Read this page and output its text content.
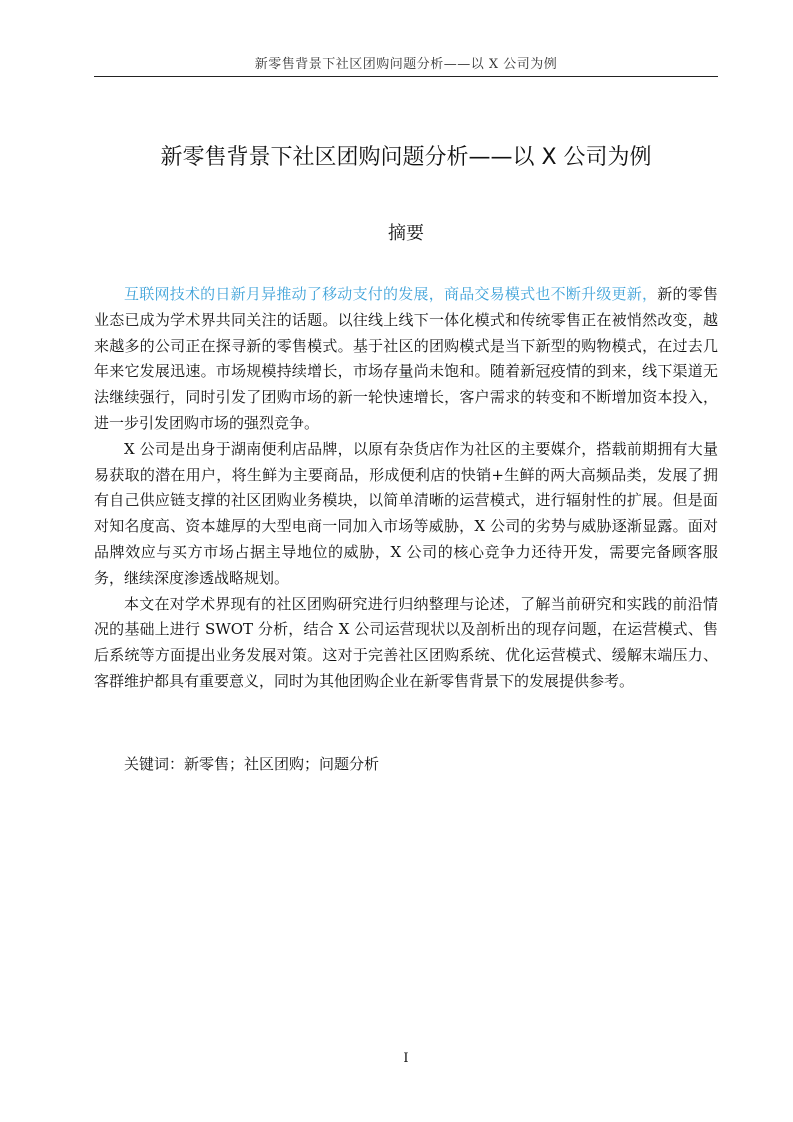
新零售背景下社区团购问题分析——以 X 公司为例
新零售背景下社区团购问题分析——以 X 公司为例
摘要

互联网技术的日新月异推动了移动支付的发展，商品交易模式也不断升级更新，新的零售业态已成为学术界共同关注的话题。以往线上线下一体化模式和传统零售正在被悄然改变，越来越多的公司正在探寻新的零售模式。基于社区的团购模式是当下新型的购物模式，在过去几年来它发展迅速。市场规模持续增长，市场存量尚未饱和。随着新冠疫情的到来，线下渠道无法继续强行，同时引发了团购市场的新一轮快速增长，客户需求的转变和不断增加资本投入，进一步引发团购市场的强烈竞争。

X 公司是出身于湖南便利店品牌，以原有杂货店作为社区的主要媒介，搭载前期拥有大量易获取的潜在用户，将生鲜为主要商品，形成便利店的快销+生鲜的两大高频品类，发展了拥有自己供应链支撑的社区团购业务模块，以简单清晰的运营模式，进行辐射性的扩展。但是面对知名度高、资本雄厚的大型电商一同加入市场等威胁，X 公司的劣势与威胁逐渐显露。面对品牌效应与买方市场占据主导地位的威胁，X 公司的核心竞争力还待开发，需要完备顾客服务，继续深度渗透战略规划。

本文在对学术界现有的社区团购研究进行归纳整理与论述，了解当前研究和实践的前沿情况的基础上进行 SWOT 分析，结合 X 公司运营现状以及剖析出的现存问题，在运营模式、售后系统等方面提出业务发展对策。这对于完善社区团购系统、优化运营模式、缓解末端压力、客群维护都具有重要意义，同时为其他团购企业在新零售背景下的发展提供参考。

关键词：新零售；社区团购；问题分析
I
